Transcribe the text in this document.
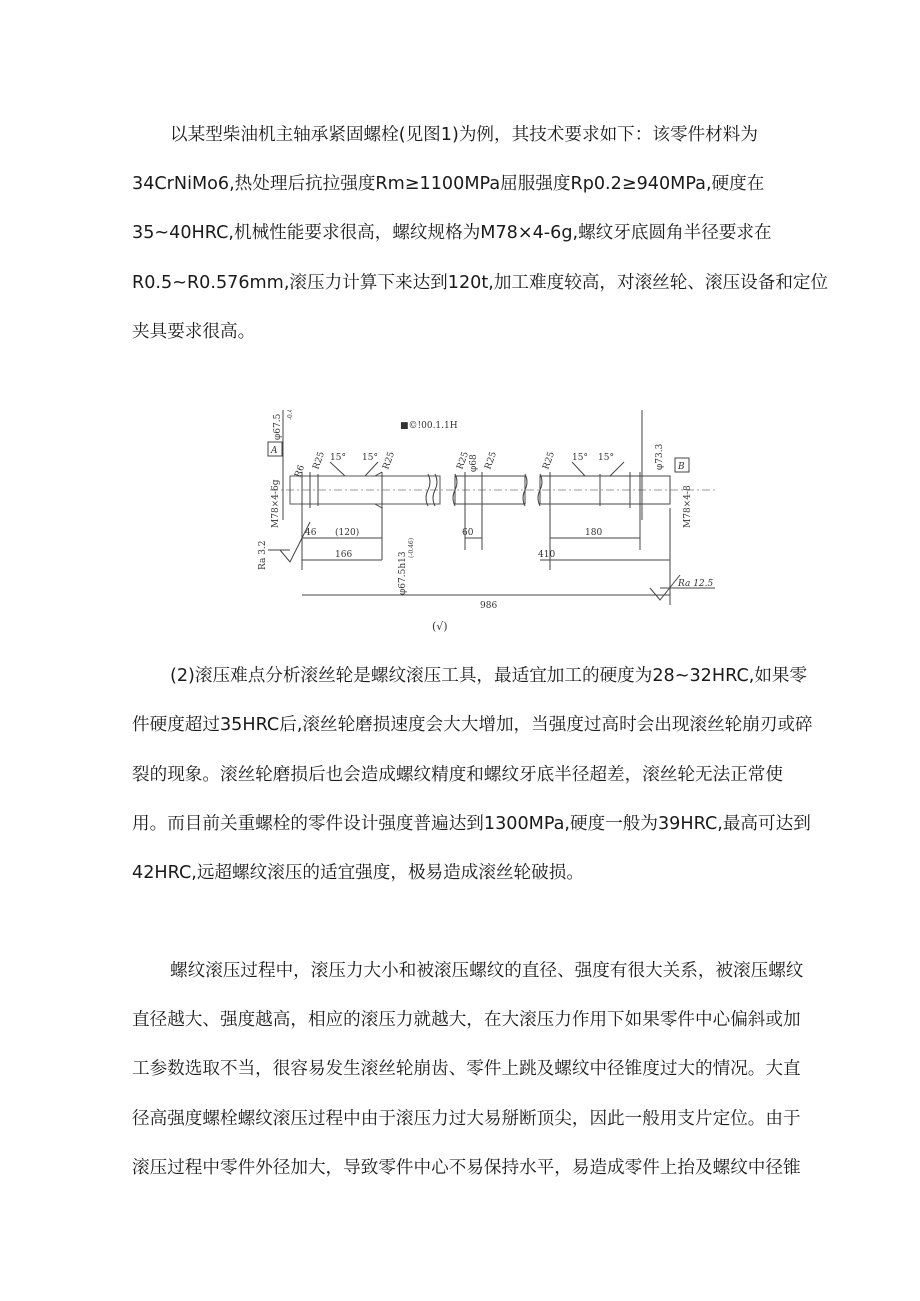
以某型柴油机主轴承紧固螺栓(见图1)为例，其技术要求如下：该零件材料为
34CrNiMo6,热处理后抗拉强度Rm≥1100MPa屈服强度Rp0.2≥940MPa,硬度在
35~40HRC,机械性能要求很高，螺纹规格为M78×4-6g,螺纹牙底圆角半径要求在
R0.5~R0.576mm,滚压力计算下来达到120t,加工难度较高，对滚丝轮、滚压设备和定位
夹具要求很高。
■©!00.1.1H
A
B
φ67.5 -0.4
M78×4-6g	M78×4-8
φ73.3
R25	R25	R25 R25	R25
R6	φ68
15° 15°	15° 15°
46 (120)
166
60	180
410
986
Ra 3.2
Ra 12.5
φ67.5h13
(-0.46)
(√)
(2)滚压难点分析滚丝轮是螺纹滚压工具，最适宜加工的硬度为28~32HRC,如果零
件硬度超过35HRC后,滚丝轮磨损速度会大大增加，当强度过高时会出现滚丝轮崩刃或碎
裂的现象。滚丝轮磨损后也会造成螺纹精度和螺纹牙底半径超差，滚丝轮无法正常使
用。而目前关重螺栓的零件设计强度普遍达到1300MPa,硬度一般为39HRC,最高可达到
42HRC,远超螺纹滚压的适宜强度，极易造成滚丝轮破损。
螺纹滚压过程中，滚压力大小和被滚压螺纹的直径、强度有很大关系，被滚压螺纹
直径越大、强度越高，相应的滚压力就越大，在大滚压力作用下如果零件中心偏斜或加
工参数选取不当，很容易发生滚丝轮崩齿、零件上跳及螺纹中径锥度过大的情况。大直
径高强度螺栓螺纹滚压过程中由于滚压力过大易掰断顶尖，因此一般用支片定位。由于
滚压过程中零件外径加大，导致零件中心不易保持水平，易造成零件上抬及螺纹中径锥
